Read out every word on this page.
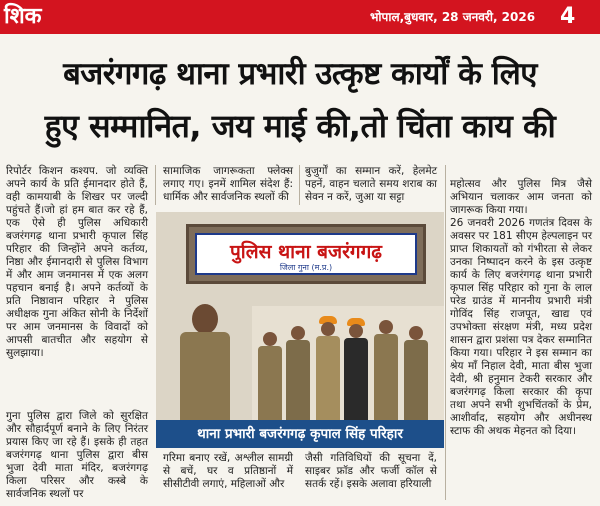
शिक	भोपाल,बुधवार, 28 जनवरी, 2026 4
बजरंगगढ़ थाना प्रभारी उत्कृष्ट कार्यों के लिए
हुए सम्मानित, जय माई की,तो चिंता काय की

रिपोर्टर किशन कश्यप. जो व्यक्ति अपने कार्य के प्रति ईमानदार होते हैं, वही कामयाबी के शिखर पर जल्दी पहुंचते हैं।जो हां हम बात कर रहे हैं, एक ऐसे ही पुलिस अधिकारी बजरंगगढ़ थाना प्रभारी कृपाल सिंह परिहार की जिन्होंने अपने कर्तव्य, निष्ठा और ईमानदारी से पुलिस विभाग में और आम जनमानस में एक अलग पहचान बनाई है। अपने कर्तव्यों के प्रति निष्ठावान परिहार ने पुलिस अधीक्षक गुना अंकित सोनी के निर्देशों पर आम जनमानस के विवादों को आपसी बातचीत और सहयोग से सुलझाया।

गुना पुलिस द्वारा जिले को सुरक्षित और सौहार्दपूर्ण बनाने के लिए निरंतर प्रयास किए जा रहे हैं। इसके ही तहत बजरंगगढ़ थाना पुलिस द्वारा बीस भुजा देवी माता मंदिर, बजरंगगढ़ किला परिसर और कस्बे के सार्वजनिक स्थलों पर

सामाजिक जागरूकता फ्लेक्स लगाए गए। इनमें शामिल संदेश हैं: धार्मिक और सार्वजनिक स्थलों की

बुजुर्गों का सम्मान करें, हेलमेट पहनें, वाहन चलाते समय शराब का सेवन न करें, जुआ या सट्टा

पुलिस थाना बजरंगगढ़
जिला गुना (म.प्र.)
थाना प्रभारी बजरंगगढ़ कृपाल सिंह परिहार

गरिमा बनाए रखें, अश्लील सामग्री से बचें, घर व प्रतिष्ठानों में सीसीटीवी लगाएं, महिलाओं और

जैसी गतिविधियों की सूचना दें, साइबर फ्रॉड और फर्जी कॉल से सतर्क रहें। इसके अलावा हरियाली

महोत्सव और पुलिस मित्र जैसे अभियान चलाकर आम जनता को जागरूक किया गया।
26 जनवरी 2026 गणतंत्र दिवस के अवसर पर 181 सीएम हेल्पलाइन पर प्राप्त शिकायतों को गंभीरता से लेकर उनका निष्पादन करने के इस उत्कृष्ट कार्य के लिए बजरंगगढ़ थाना प्रभारी कृपाल सिंह परिहार को गुना के लाल परेड ग्राउंड में माननीय प्रभारी मंत्री गोविंद सिंह राजपूत, खाद्य एवं उपभोक्ता संरक्षण मंत्री, मध्य प्रदेश शासन द्वारा प्रशंसा पत्र देकर सम्मानित किया गया। परिहार ने इस सम्मान का श्रेय माँ निहाल देवी, माता बीस भुजा देवी, श्री हनुमान टेकरी सरकार और बजरंगगढ़ किला सरकार की कृपा तथा अपने सभी शुभचिंतकों के प्रेम, आशीर्वाद, सहयोग और अधीनस्थ स्टाफ की अथक मेहनत को दिया।
